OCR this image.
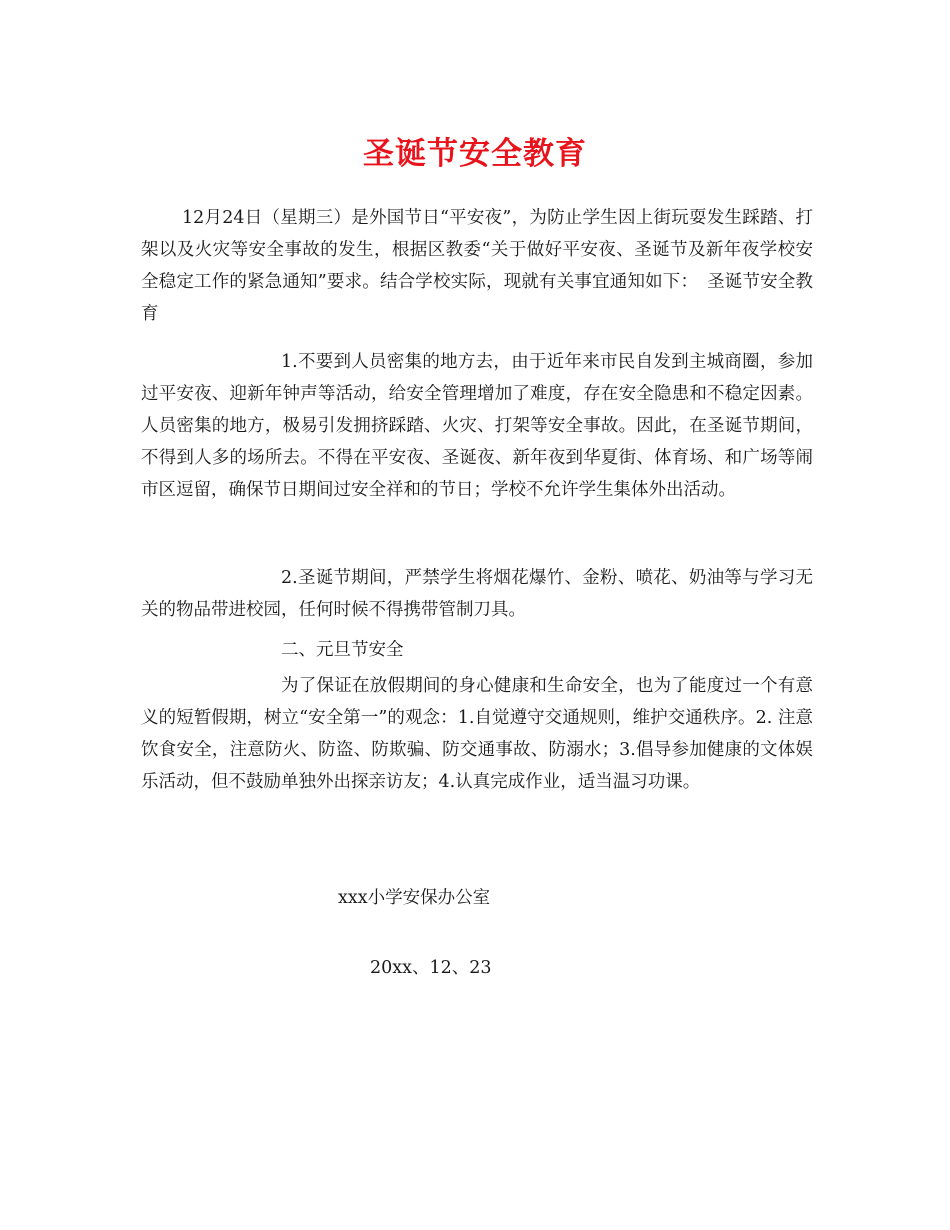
圣诞节安全教育

12月24日（星期三）是外国节日“平安夜”，为防止学生因上街玩耍发生踩踏、打架以及火灾等安全事故的发生，根据区教委“关于做好平安夜、圣诞节及新年夜学校安全稳定工作的紧急通知”要求。结合学校实际，现就有关事宜通知如下：　圣诞节安全教育

1.不要到人员密集的地方去，由于近年来市民自发到主城商圈，参加过平安夜、迎新年钟声等活动，给安全管理增加了难度，存在安全隐患和不稳定因素。人员密集的地方，极易引发拥挤踩踏、火灾、打架等安全事故。因此，在圣诞节期间，不得到人多的场所去。不得在平安夜、圣诞夜、新年夜到华夏街、体育场、和广场等闹市区逗留，确保节日期间过安全祥和的节日；学校不允许学生集体外出活动。

2.圣诞节期间，严禁学生将烟花爆竹、金粉、喷花、奶油等与学习无关的物品带进校园，任何时候不得携带管制刀具。

二、元旦节安全

为了保证在放假期间的身心健康和生命安全，也为了能度过一个有意义的短暂假期，树立“安全第一”的观念：1.自觉遵守交通规则，维护交通秩序。2. 注意饮食安全，注意防火、防盗、防欺骗、防交通事故、防溺水；3.倡导参加健康的文体娱乐活动，但不鼓励单独外出探亲访友；4.认真完成作业，适当温习功课。

xxx小学安保办公室
20xx、12、23
